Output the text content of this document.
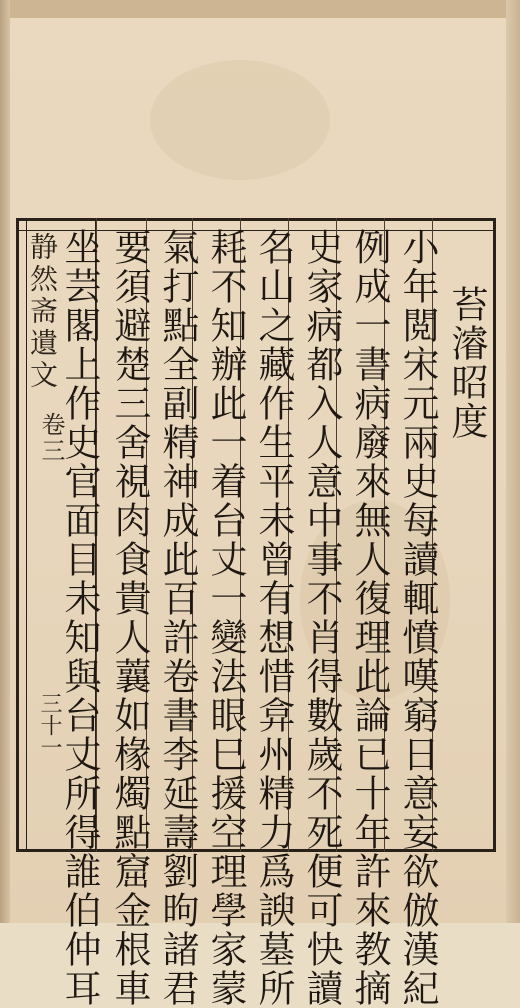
静然斋遺文
卷三
三十一
苔濬昭度
小年閲宋元兩史每讀輒憤嘆窮日意妄欲倣漢紀
例成一書病廢來無人復理此論已十年許來教摘
史家病都入人意中事不肖得數歲不死便可快讀
名山之藏作生平未曾有想惜弇州精力爲諛墓所
耗不知辦此一着台丈一變法眼巳援空理學家蒙
氣打點全副精神成此百許卷書李延壽劉昫諸君
要須避楚三舍視肉食貴人蘘如椽燭點窟金根車
坐芸閣上作史官面目未知與台丈所得誰伯仲耳
